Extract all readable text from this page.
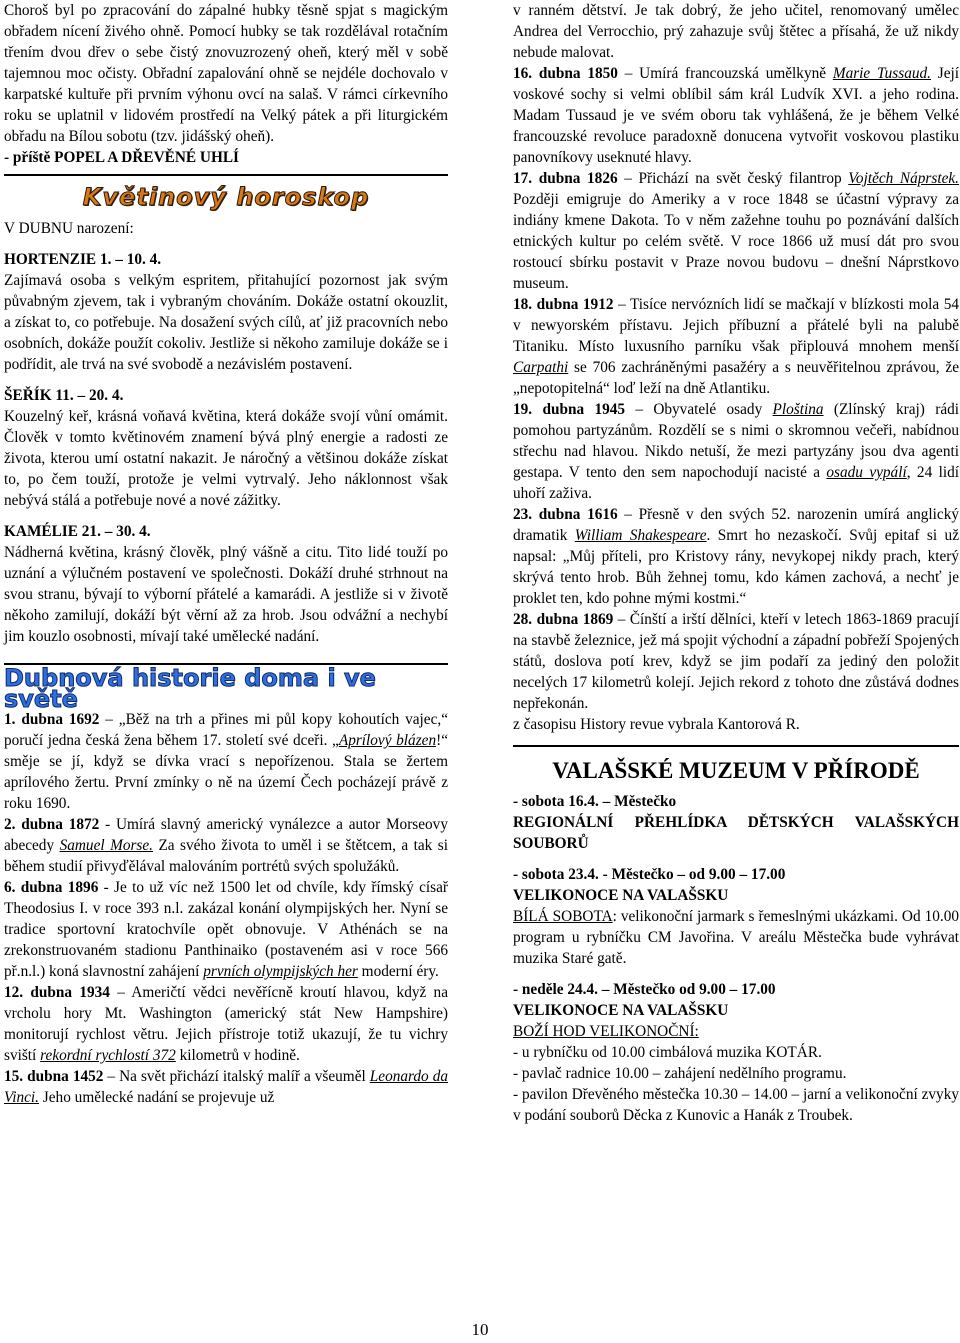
Choroš byl po zpracování do zápalné hubky těsně spjat s magickým obřadem nícení živého ohně. Pomocí hubky se tak rozdělával rotačním třením dvou dřev o sebe čistý znovuzrozený oheň, který měl v sobě tajemnou moc očisty. Obřadní zapalování ohně se nejdéle dochovalo v karpatské kultuře při prvním výhonu ovcí na salaš. V rámci církevního roku se uplatnil v lidovém prostředí na Velký pátek a při liturgickém obřadu na Bílou sobotu (tzv. jidášský oheň).

- příště POPEL A DŘEVĚNÉ UHLÍ

Květinový horoskop

V DUBNU narození:

HORTENZIE 1. – 10. 4.

Zajímavá osoba s velkým espritem, přitahující pozornost jak svým půvabným zjevem, tak i vybraným chováním. Dokáže ostatní okouzlit, a získat to, co potřebuje. Na dosažení svých cílů, ať již pracovních nebo osobních, dokáže použít cokoliv. Jestliže si někoho zamiluje dokáže se i podřídit, ale trvá na své svobodě a nezávislém postavení.

ŠEŘÍK 11. – 20. 4.

Kouzelný keř, krásná voňavá květina, která dokáže svojí vůní omámit. Člověk v tomto květinovém znamení bývá plný energie a radosti ze života, kterou umí ostatní nakazit. Je náročný a většinou dokáže získat to, po čem touží, protože je velmi vytrvalý. Jeho náklonnost však nebývá stálá a potřebuje nové a nové zážitky.

KAMÉLIE 21. – 30. 4.

Nádherná květina, krásný člověk, plný vášně a citu. Tito lidé touží po uznání a výlučném postavení ve společnosti. Dokáží druhé strhnout na svou stranu, bývají to výborní přátelé a kamarádi. A jestliže si v životě někoho zamilují, dokáží být věrní až za hrob. Jsou odvážní a nechybí jim kouzlo osobnosti, mívají také umělecké nadání.

Dubnová historie doma i ve světě

1. dubna 1692 – „Běž na trh a přines mi půl kopy kohoutích vajec,“ poručí jedna česká žena během 17. století své dceři. „Aprílový blázen!“ směje se jí, když se dívka vrací s nepořízenou. Stala se žertem aprílového žertu. První zmínky o ně na území Čech pocházejí právě z roku 1690.

2. dubna 1872 - Umírá slavný americký vynálezce a autor Morseovy abecedy Samuel Morse. Za svého života to uměl i se štětcem, a tak si během studií přivyďělával malováním portrétů svých spolužáků.

6. dubna 1896 - Je to už víc než 1500 let od chvíle, kdy římský císař Theodosius I. v roce 393 n.l. zakázal konání olympijských her. Nyní se tradice sportovní kratochvíle opět obnovuje. V Athénách se na zrekonstruovaném stadionu Panthinaiko (postaveném asi v roce 566 př.n.l.) koná slavnostní zahájení prvních olympijských her moderní éry.

12. dubna 1934 – Američtí vědci nevěřícně kroutí hlavou, když na vrcholu hory Mt. Washington (americký stát New Hampshire) monitorují rychlost větru. Jejich přístroje totiž ukazují, že tu vichry sviští rekordní rychlostí 372 kilometrů v hodině.

15. dubna 1452 – Na svět přichází italský malíř a všeuměl Leonardo da Vinci. Jeho umělecké nadání se projevuje už

v ranném dětství. Je tak dobrý, že jeho učitel, renomovaný umělec Andrea del Verrocchio, prý zahazuje svůj štětec a přísahá, že už nikdy nebude malovat.

16. dubna 1850 – Umírá francouzská umělkyně Marie Tussaud. Její voskové sochy si velmi oblíbil sám král Ludvík XVI. a jeho rodina. Madam Tussaud je ve svém oboru tak vyhlášená, že je během Velké francouzské revoluce paradoxně donucena vytvořit voskovou plastiku panovníkovy useknuté hlavy.

17. dubna 1826 – Přichází na svět český filantrop Vojtěch Náprstek. Později emigruje do Ameriky a v roce 1848 se účastní výpravy za indiány kmene Dakota. To v něm zažehne touhu po poznávání dalších etnických kultur po celém světě. V roce 1866 už musí dát pro svou rostoucí sbírku postavit v Praze novou budovu – dnešní Náprstkovo museum.

18. dubna 1912 – Tisíce nervózních lidí se mačkají v blízkosti mola 54 v newyorském přístavu. Jejich příbuzní a přátelé byli na palubě Titaniku. Místo luxusního parníku však připlouvá mnohem menší Carpathi se 706 zachráněnými pasažéry a s neuvěřitelnou zprávou, že „nepotopitelná“ loď leží na dně Atlantiku.

19. dubna 1945 – Obyvatelé osady Ploština (Zlínský kraj) rádi pomohou partyzánům. Rozdělí se s nimi o skromnou večeři, nabídnou střechu nad hlavou. Nikdo netuší, že mezi partyzány jsou dva agenti gestapa. V tento den sem napochodují nacisté a osadu vypálí, 24 lidí uhoří zaživa.

23. dubna 1616 – Přesně v den svých 52. narozenin umírá anglický dramatik William Shakespeare. Smrt ho nezaskočí. Svůj epitaf si už napsal: „Můj příteli, pro Kristovy rány, nevykopej nikdy prach, který skrývá tento hrob. Bůh žehnej tomu, kdo kámen zachová, a nechť je proklet ten, kdo pohne mými kostmi.“

28. dubna 1869 – Čínští a irští dělníci, kteří v letech 1863-1869 pracují na stavbě železnice, jež má spojit východní a západní pobřeží Spojených států, doslova potí krev, když se jim podaří za jediný den položit necelých 17 kilometrů kolejí. Jejich rekord z tohoto dne zůstává dodnes nepřekonán.

z časopisu History revue vybrala Kantorová R.

VALAŠSKÉ MUZEUM V PŘÍRODĚ

- sobota 16.4. – Městečko

REGIONÁLNÍ PŘEHLÍDKA DĚTSKÝCH VALAŠSKÝCH SOUBORŮ

- sobota 23.4. - Městečko – od 9.00 – 17.00

VELIKONOCE NA VALAŠSKU

BÍLÁ SOBOTA: velikonoční jarmark s řemeslnými ukázkami. Od 10.00 program u rybníčku CM Javořina. V areálu Městečka bude vyhrávat muzika Staré gatě.

- neděle 24.4. – Městečko od 9.00 – 17.00

VELIKONOCE NA VALAŠSKU

BOŽÍ HOD VELIKONOČNÍ:

- u rybníčku od 10.00 cimbálová muzika KOTÁR.

- pavlač radnice 10.00 – zahájení nedělního programu.

- pavilon Dřevěného městečka 10.30 – 14.00 – jarní a velikonoční zvyky v podání souborů Děcka z Kunovic a Hanák z Troubek.

10
